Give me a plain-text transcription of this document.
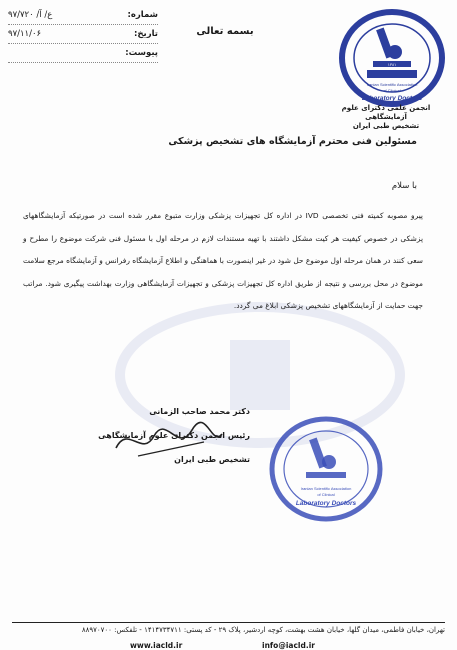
شماره:
۹۷/۷۲۰ /ع/ آ
تاریخ:
۹۷/۱۱/۰۶
پیوست:
بسمه تعالی
Iranian Scientific Association
of Clinical
Laboratory Doctors
۱۳۸۱
انجمن علمی دکترای علوم آزمایشگاهی
تشخیص طبی ایران
مسئولین فنی محترم آزمایشگاه های تشخیص پزشکی
با سلام

پیرو مصوبه کمیته فنی تخصصی IVD در اداره کل تجهیزات پزشکی وزارت متبوع مقرر شده است در صورتیکه آزمایشگاههای پزشکی در خصوص کیفیت هر کیت مشکل داشتند با تهیه مستندات لازم در مرحله اول با مسئول فنی شرکت موضوع را مطرح و سعی کنند در همان مرحله اول موضوع حل شود در غیر اینصورت با هماهنگی و اطلاع آزمایشگاه رفرانس و آزمایشگاه مرجع سلامت موضوع در محل بررسی و نتیجه از طریق اداره کل تجهیزات پزشکی و تجهیزات آزمایشگاهی وزارت بهداشت پیگیری شود. مراتب جهت حمایت از آزمایشگاههای تشخیص پزشکی ابلاغ می گردد.

دکتر محمد صاحب الزمانی
رئیس انجمن دکترای علوم آزمایشگاهی
تشخیص طبی ایران
Iranian Scientific Association
of Clinical
Laboratory Doctors
تهران، خیابان فاطمی، میدان گلها، خیابان هشت بهشت، کوچه اردشیر، پلاک ۲۹ - کد پستی: ۱۴۱۴۷۳۴۷۱۱ - تلفکس: ۸۸۹۷۰۷۰۰
www.iacld.ir	info@iacld.ir
